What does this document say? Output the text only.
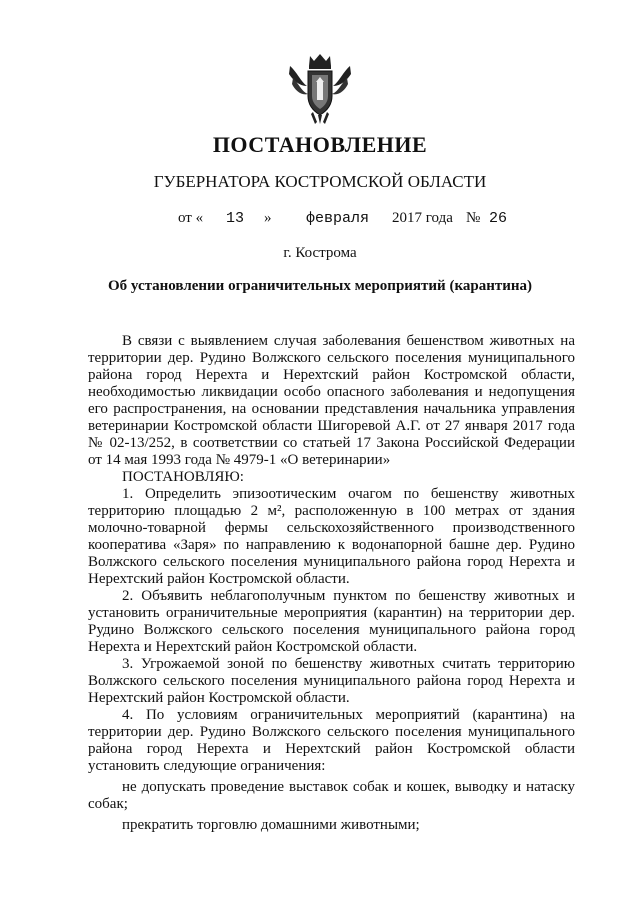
ПОСТАНОВЛЕНИЕ
ГУБЕРНАТОРА КОСТРОМСКОЙ ОБЛАСТИ
от « 13 » февраля 2017 года № 26
г. Кострома
Об установлении ограничительных мероприятий (карантина)

В связи с выявлением случая заболевания бешенством животных на территории дер. Рудино Волжского сельского поселения муниципального района город Нерехта и Нерехтский район Костромской области, необходимостью ликвидации особо опасного заболевания и недопущения его распространения, на основании представления начальника управления ветеринарии Костромской области Шигоревой А.Г. от 27 января 2017 года № 02-13/252, в соответствии со статьей 17 Закона Российской Федерации от 14 мая 1993 года № 4979-1 «О ветеринарии»

ПОСТАНОВЛЯЮ:

1. Определить эпизоотическим очагом по бешенству животных территорию площадью 2 м², расположенную в 100 метрах от здания молочно-товарной фермы сельскохозяйственного производственного кооператива «Заря» по направлению к водонапорной башне дер. Рудино Волжского сельского поселения муниципального района город Нерехта и Нерехтский район Костромской области.

2. Объявить неблагополучным пунктом по бешенству животных и установить ограничительные мероприятия (карантин) на территории дер. Рудино Волжского сельского поселения муниципального района город Нерехта и Нерехтский район Костромской области.

3. Угрожаемой зоной по бешенству животных считать территорию Волжского сельского поселения муниципального района город Нерехта и Нерехтский район Костромской области.

4. По условиям ограничительных мероприятий (карантина) на территории дер. Рудино Волжского сельского поселения муниципального района город Нерехта и Нерехтский район Костромской области установить следующие ограничения:

не допускать проведение выставок собак и кошек, выводку и натаску собак;

прекратить торговлю домашними животными;
